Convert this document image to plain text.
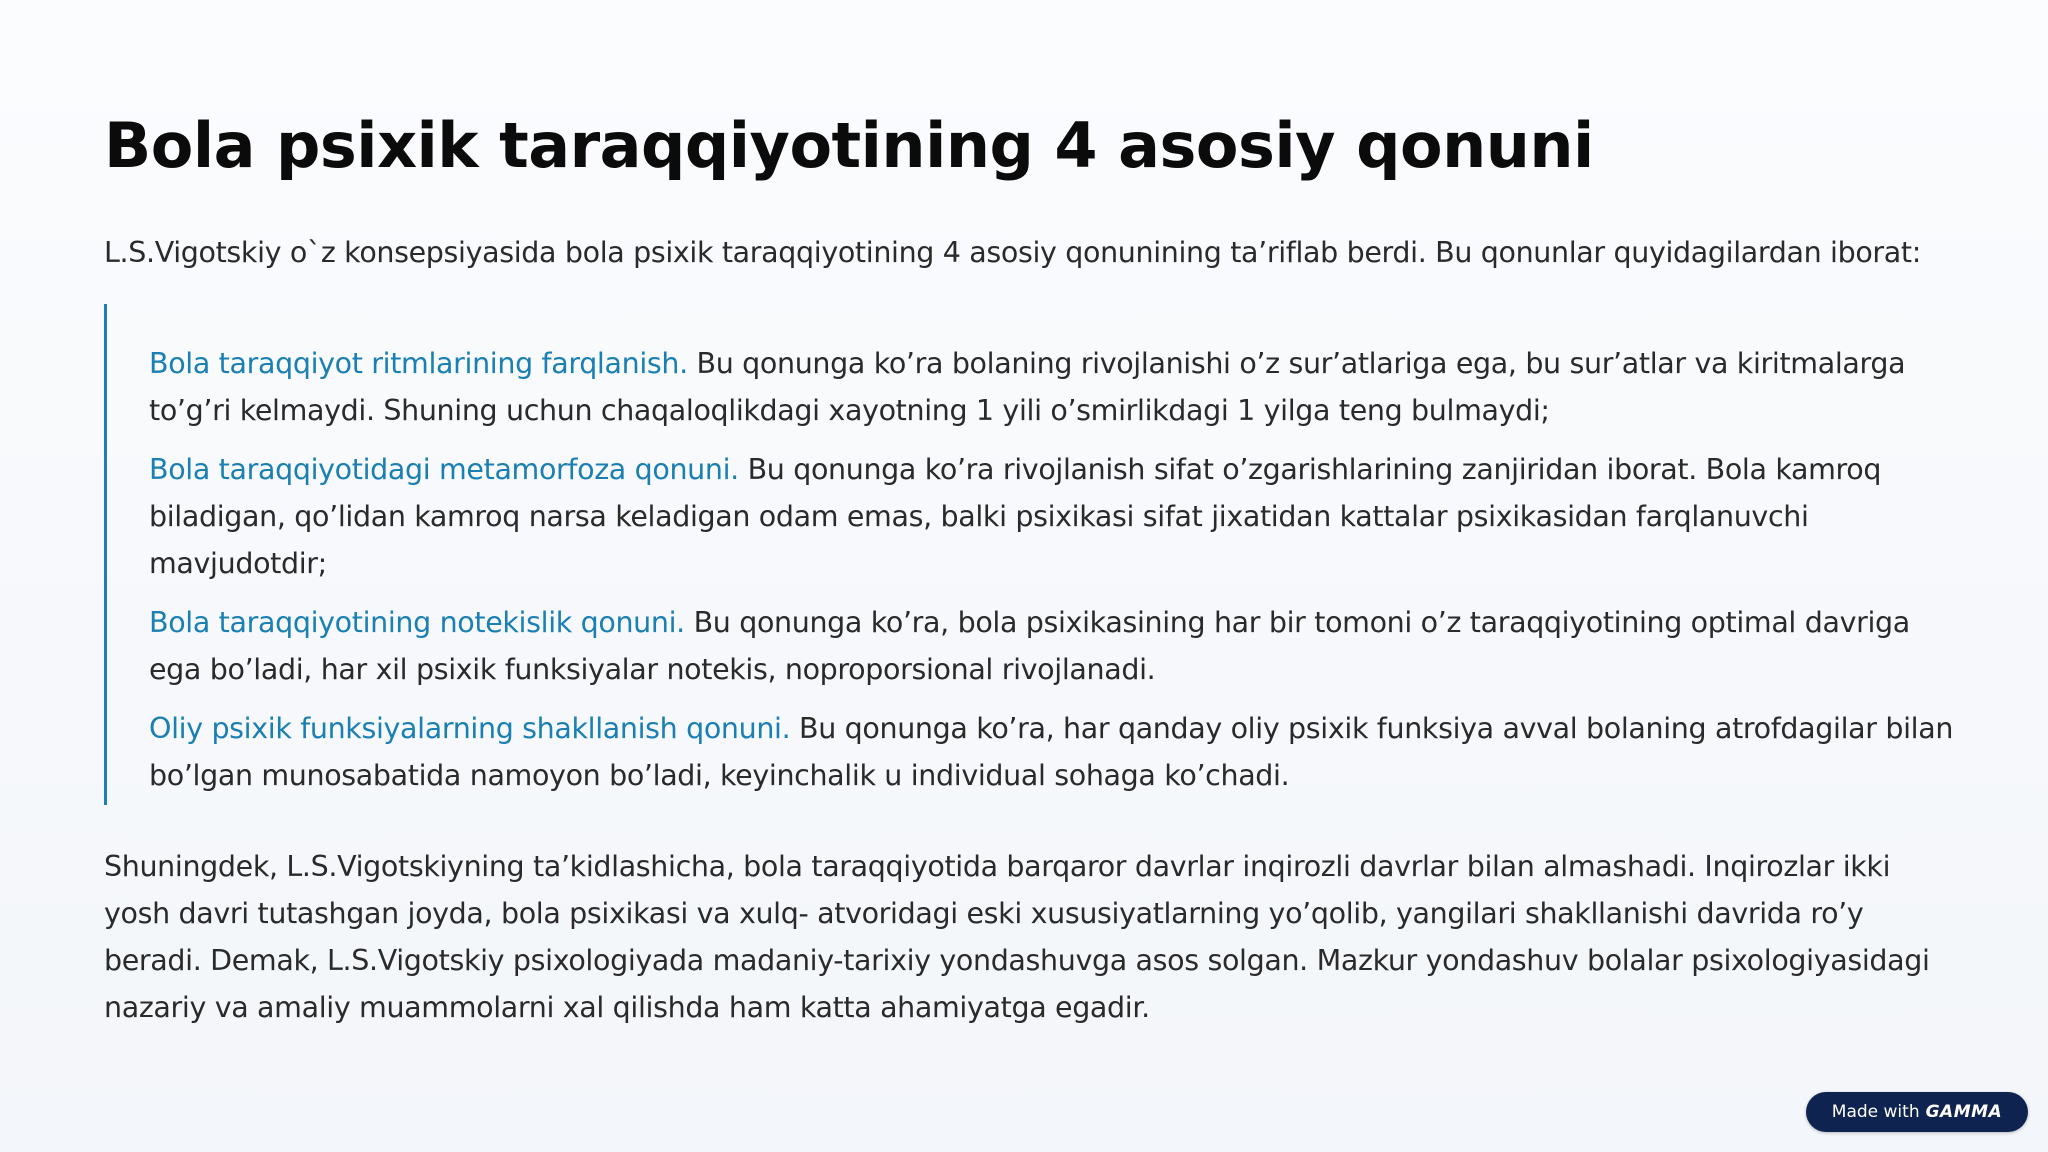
Bola psixik taraqqiyotining 4 asosiy qonuni

L.S.Vigotskiy o`z konsepsiyasida bola psixik taraqqiyotining 4 asosiy qonunining ta’riflab berdi. Bu qonunlar quyidagilardan iborat:

Bola taraqqiyot ritmlarining farqlanish. Bu qonunga ko’ra bolaning rivojlanishi o’z sur’atlariga ega, bu sur’atlar va kiritmalarga to’g’ri kelmaydi. Shuning uchun chaqaloqlikdagi xayotning 1 yili o’smirlikdagi 1 yilga teng bulmaydi;

Bola taraqqiyotidagi metamorfoza qonuni. Bu qonunga ko’ra rivojlanish sifat o’zgarishlarining zanjiridan iborat. Bola kamroq biladigan, qo’lidan kamroq narsa keladigan odam emas, balki psixikasi sifat jixatidan kattalar psixikasidan farqlanuvchi mavjudotdir;

Bola taraqqiyotining notekislik qonuni. Bu qonunga ko’ra, bola psixikasining har bir tomoni o’z taraqqiyotining optimal davriga ega bo’ladi, har xil psixik funksiyalar notekis, noproporsional rivojlanadi.

Oliy psixik funksiyalarning shakllanish qonuni. Bu qonunga ko’ra, har qanday oliy psixik funksiya avval bolaning atrofdagilar bilan bo’lgan munosabatida namoyon bo’ladi, keyinchalik u individual sohaga ko’chadi.

Shuningdek, L.S.Vigotskiyning ta’kidlashicha, bola taraqqiyotida barqaror davrlar inqirozli davrlar bilan almashadi. Inqirozlar ikki yosh davri tutashgan joyda, bola psixikasi va xulq- atvoridagi eski xususiyatlarning yo’qolib, yangilari shakllanishi davrida ro’y beradi. Demak, L.S.Vigotskiy psixologiyada madaniy-tarixiy yondashuvga asos solgan. Mazkur yondashuv bolalar psixologiyasidagi nazariy va amaliy muammolarni xal qilishda ham katta ahamiyatga egadir.

Made with GAMMA
